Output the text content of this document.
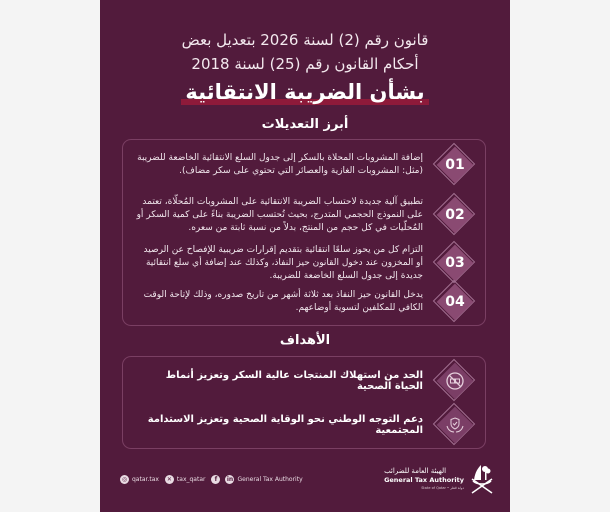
قانون رقم (2) لسنة 2026 بتعديل بعض
أحكام القانون رقم (25) لسنة 2018
بشأن الضريبة الانتقائية
أبرز التعديلات
01
إضافة المشروبات المحلاة بالسكر إلى جدول السلع الانتقائية الخاضعة للضريبة (مثل: المشروبات الغازية والعصائر التي تحتوي على سكر مضاف).
02
تطبيق آلية جديدة لاحتساب الضريبة الانتقائية على المشروبات المُحلّاة، تعتمد على النموذج الحجمي المتدرج، بحيث تُحتسب الضريبة بناءً على كمية السكر أو المُحلّيات في كل حجم من المنتج، بدلاً من نسبة ثابتة من سعره.
03
التزام كل من يحوز سلعًا انتقائية بتقديم إقرارات ضريبية للإفصاح عن الرصيد أو المخزون عند دخول القانون حيز النفاذ، وكذلك عند إضافة أي سلع انتقائية جديدة إلى جدول السلع الخاضعة للضريبة.
04
يدخل القانون حيز النفاذ بعد ثلاثة أشهر من تاريخ صدوره، وذلك لإتاحة الوقت الكافي للمكلفين لتسوية أوضاعهم.
الأهداف
الحد من استهلاك المنتجات عالية السكر وتعزيز أنماط الحياة الصحية
دعم التوجه الوطني نحو الوقاية الصحية وتعزيز الاستدامة المجتمعية
◎ qatar.tax	✕ tax_qatar	f	in General Tax Authority
الهيئة العامة للضرائب
General Tax Authority
State of Qatar • دولة قطر
